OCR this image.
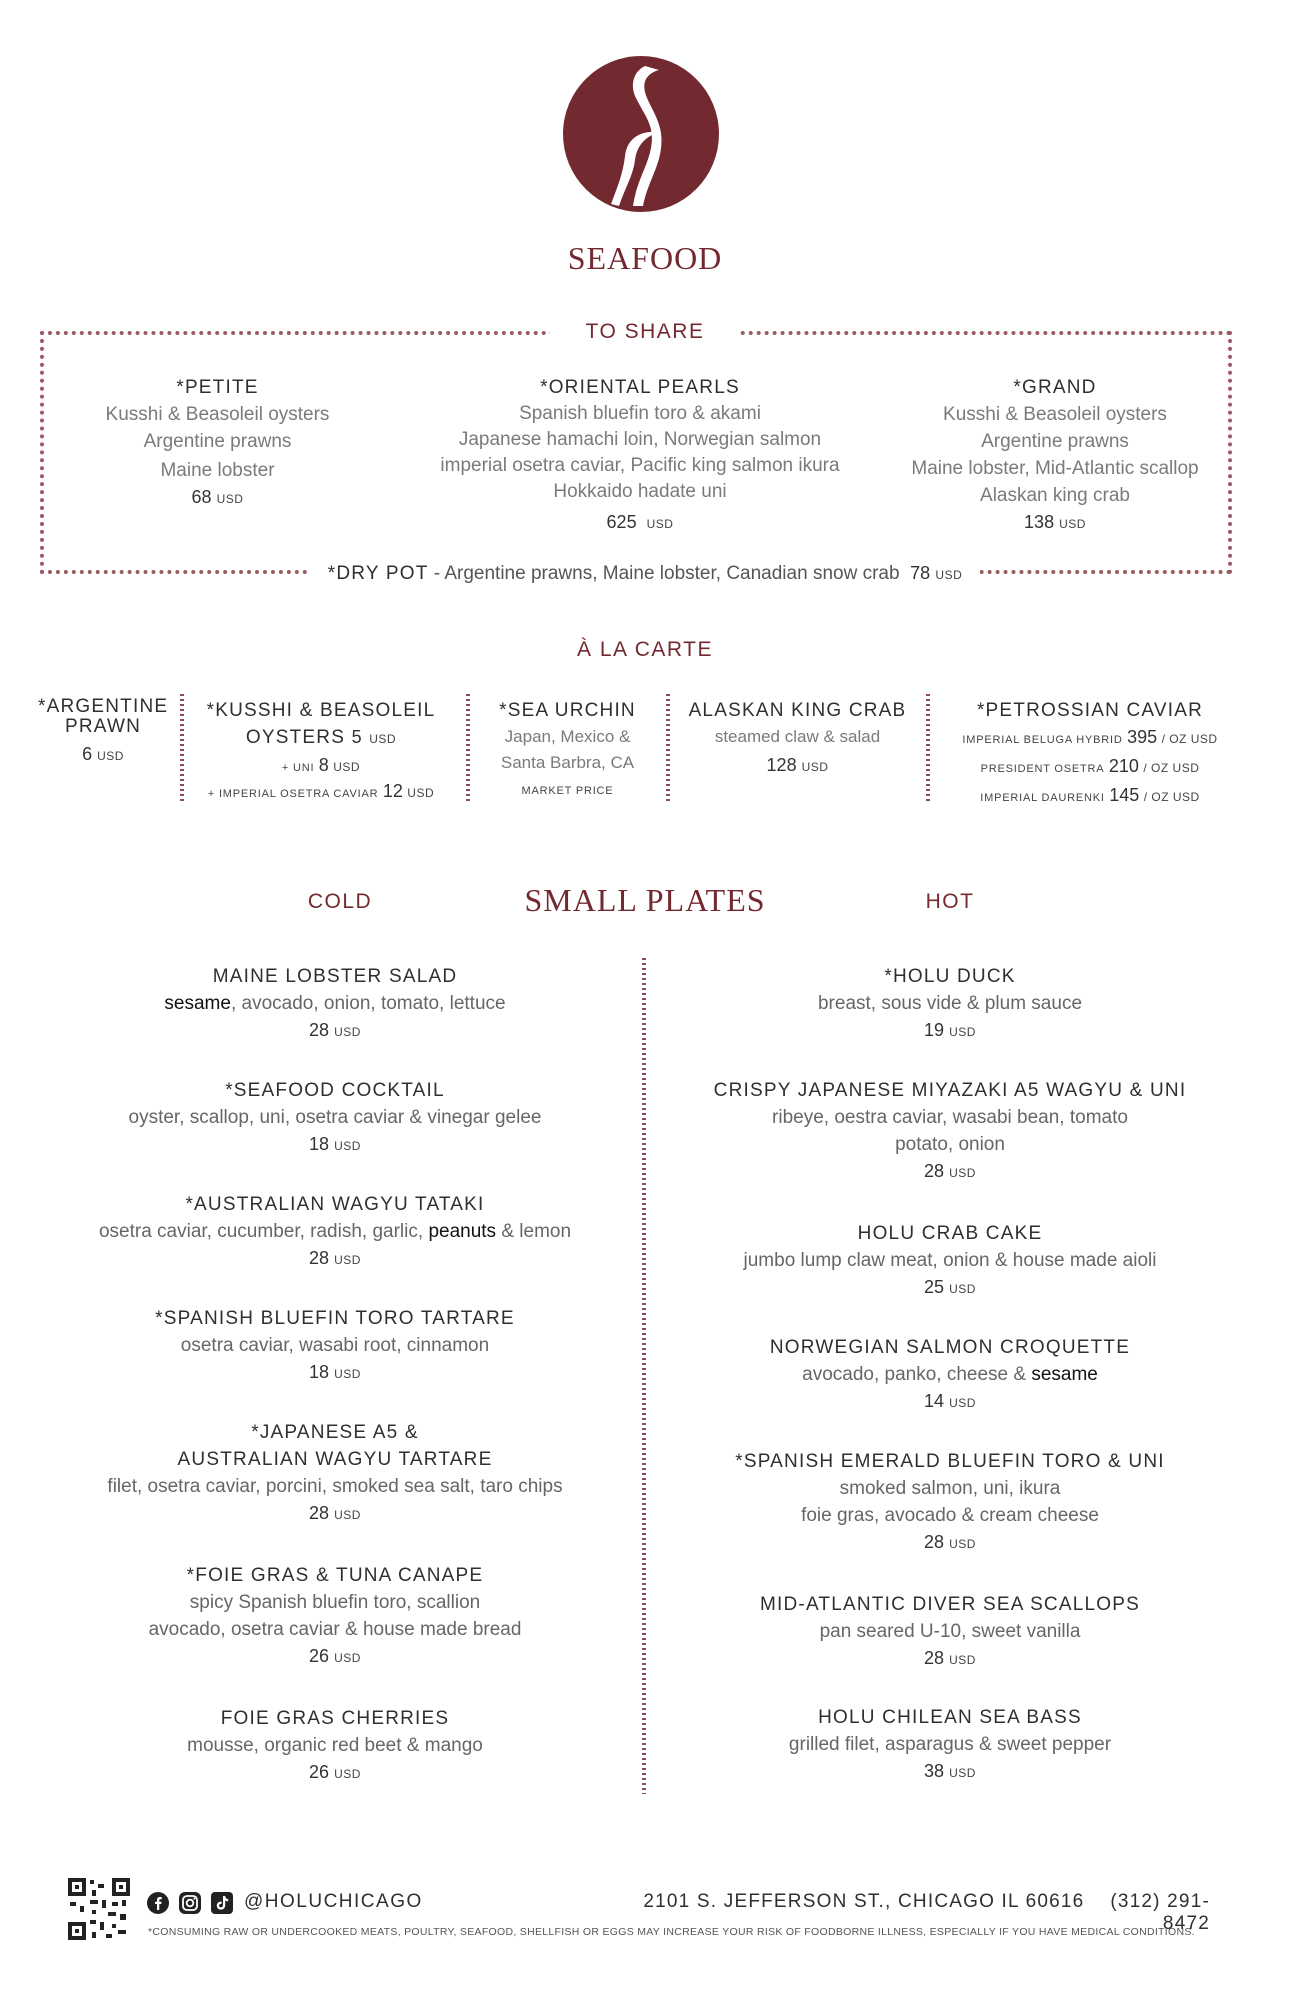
SEAFOOD
TO SHARE
*PETITE
Kusshi & Beasoleil oysters
Argentine prawns
Maine lobster
68 USD
*ORIENTAL PEARLS
Spanish bluefin toro & akami
Japanese hamachi loin, Norwegian salmon
imperial osetra caviar, Pacific king salmon ikura
Hokkaido hadate uni
625 USD
*GRAND
Kusshi & Beasoleil oysters
Argentine prawns
Maine lobster, Mid-Atlantic scallop
Alaskan king crab
138 USD
*DRY POT - Argentine prawns, Maine lobster, Canadian snow crab 78 USD
À LA CARTE
*ARGENTINE
PRAWN
6 USD
*KUSSHI & BEASOLEIL
OYSTERS 5 USD
+ UNI 8 USD
+ IMPERIAL OSETRA CAVIAR 12 USD
*SEA URCHIN
Japan, Mexico &
Santa Barbra, CA
MARKET PRICE
ALASKAN KING CRAB
steamed claw & salad
128 USD
*PETROSSIAN CAVIAR
IMPERIAL BELUGA HYBRID 395 / OZ USD
PRESIDENT OSETRA 210 / OZ USD
IMPERIAL DAURENKI 145 / OZ USD
COLD	SMALL PLATES	HOT
MAINE LOBSTER SALAD
sesame, avocado, onion, tomato, lettuce
28 USD
*SEAFOOD COCKTAIL
oyster, scallop, uni, osetra caviar & vinegar gelee
18 USD
*AUSTRALIAN WAGYU TATAKI
osetra caviar, cucumber, radish, garlic, peanuts & lemon
28 USD
*SPANISH BLUEFIN TORO TARTARE
osetra caviar, wasabi root, cinnamon
18 USD
*JAPANESE A5 &
AUSTRALIAN WAGYU TARTARE
filet, osetra caviar, porcini, smoked sea salt, taro chips
28 USD
*FOIE GRAS & TUNA CANAPE
spicy Spanish bluefin toro, scallion
avocado, osetra caviar & house made bread
26 USD
FOIE GRAS CHERRIES
mousse, organic red beet & mango
26 USD
*HOLU DUCK
breast, sous vide & plum sauce
19 USD
CRISPY JAPANESE MIYAZAKI A5 WAGYU & UNI
ribeye, oestra caviar, wasabi bean, tomato
potato, onion
28 USD
HOLU CRAB CAKE
jumbo lump claw meat, onion & house made aioli
25 USD
NORWEGIAN SALMON CROQUETTE
avocado, panko, cheese & sesame
14 USD
*SPANISH EMERALD BLUEFIN TORO & UNI
smoked salmon, uni, ikura
foie gras, avocado & cream cheese
28 USD
MID-ATLANTIC DIVER SEA SCALLOPS
pan seared U-10, sweet vanilla
28 USD
HOLU CHILEAN SEA BASS
grilled filet, asparagus & sweet pepper
38 USD
@HOLUCHICAGO	2101 S. JEFFERSON ST., CHICAGO IL 60616 (312) 291-8472
*CONSUMING RAW OR UNDERCOOKED MEATS, POULTRY, SEAFOOD, SHELLFISH OR EGGS MAY INCREASE YOUR RISK OF FOODBORNE ILLNESS, ESPECIALLY IF YOU HAVE MEDICAL CONDITIONS.
